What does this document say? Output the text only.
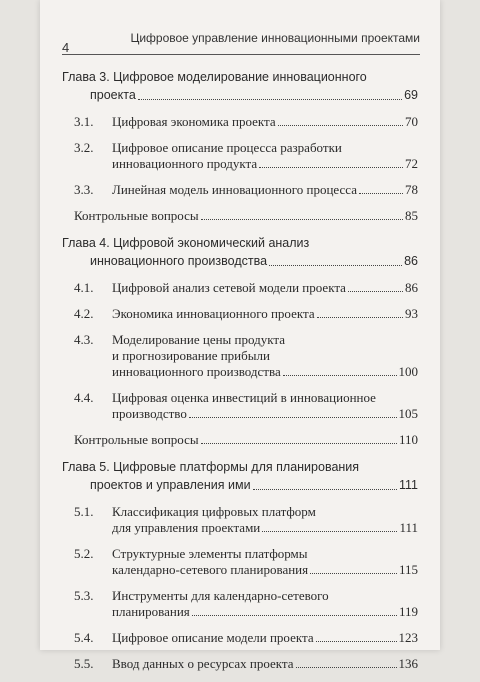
4
Цифровое управление инновационными проектами
Глава 3. Цифровое моделирование инновационного
проекта	69
3.1.	Цифровая экономика проекта	70
3.2.	Цифровое описание процесса разработки
инновационного продукта	72
3.3.	Линейная модель инновационного процесса	78
Контрольные вопросы	85
Глава 4. Цифровой экономический анализ
инновационного производства	86
4.1.	Цифровой анализ сетевой модели проекта	86
4.2.	Экономика инновационного проекта	93
4.3.	Моделирование цены продукта
и прогнозирование прибыли
инновационного производства	100
4.4.	Цифровая оценка инвестиций в инновационное
производство	105
Контрольные вопросы	110
Глава 5. Цифровые платформы для планирования
проектов и управления ими	111
5.1.	Классификация цифровых платформ
для управления проектами	111
5.2.	Структурные элементы платформы
календарно-сетевого планирования	115
5.3.	Инструменты для календарно-сетевого
планирования	119
5.4.	Цифровое описание модели проекта	123
5.5.	Ввод данных о ресурсах проекта	136
